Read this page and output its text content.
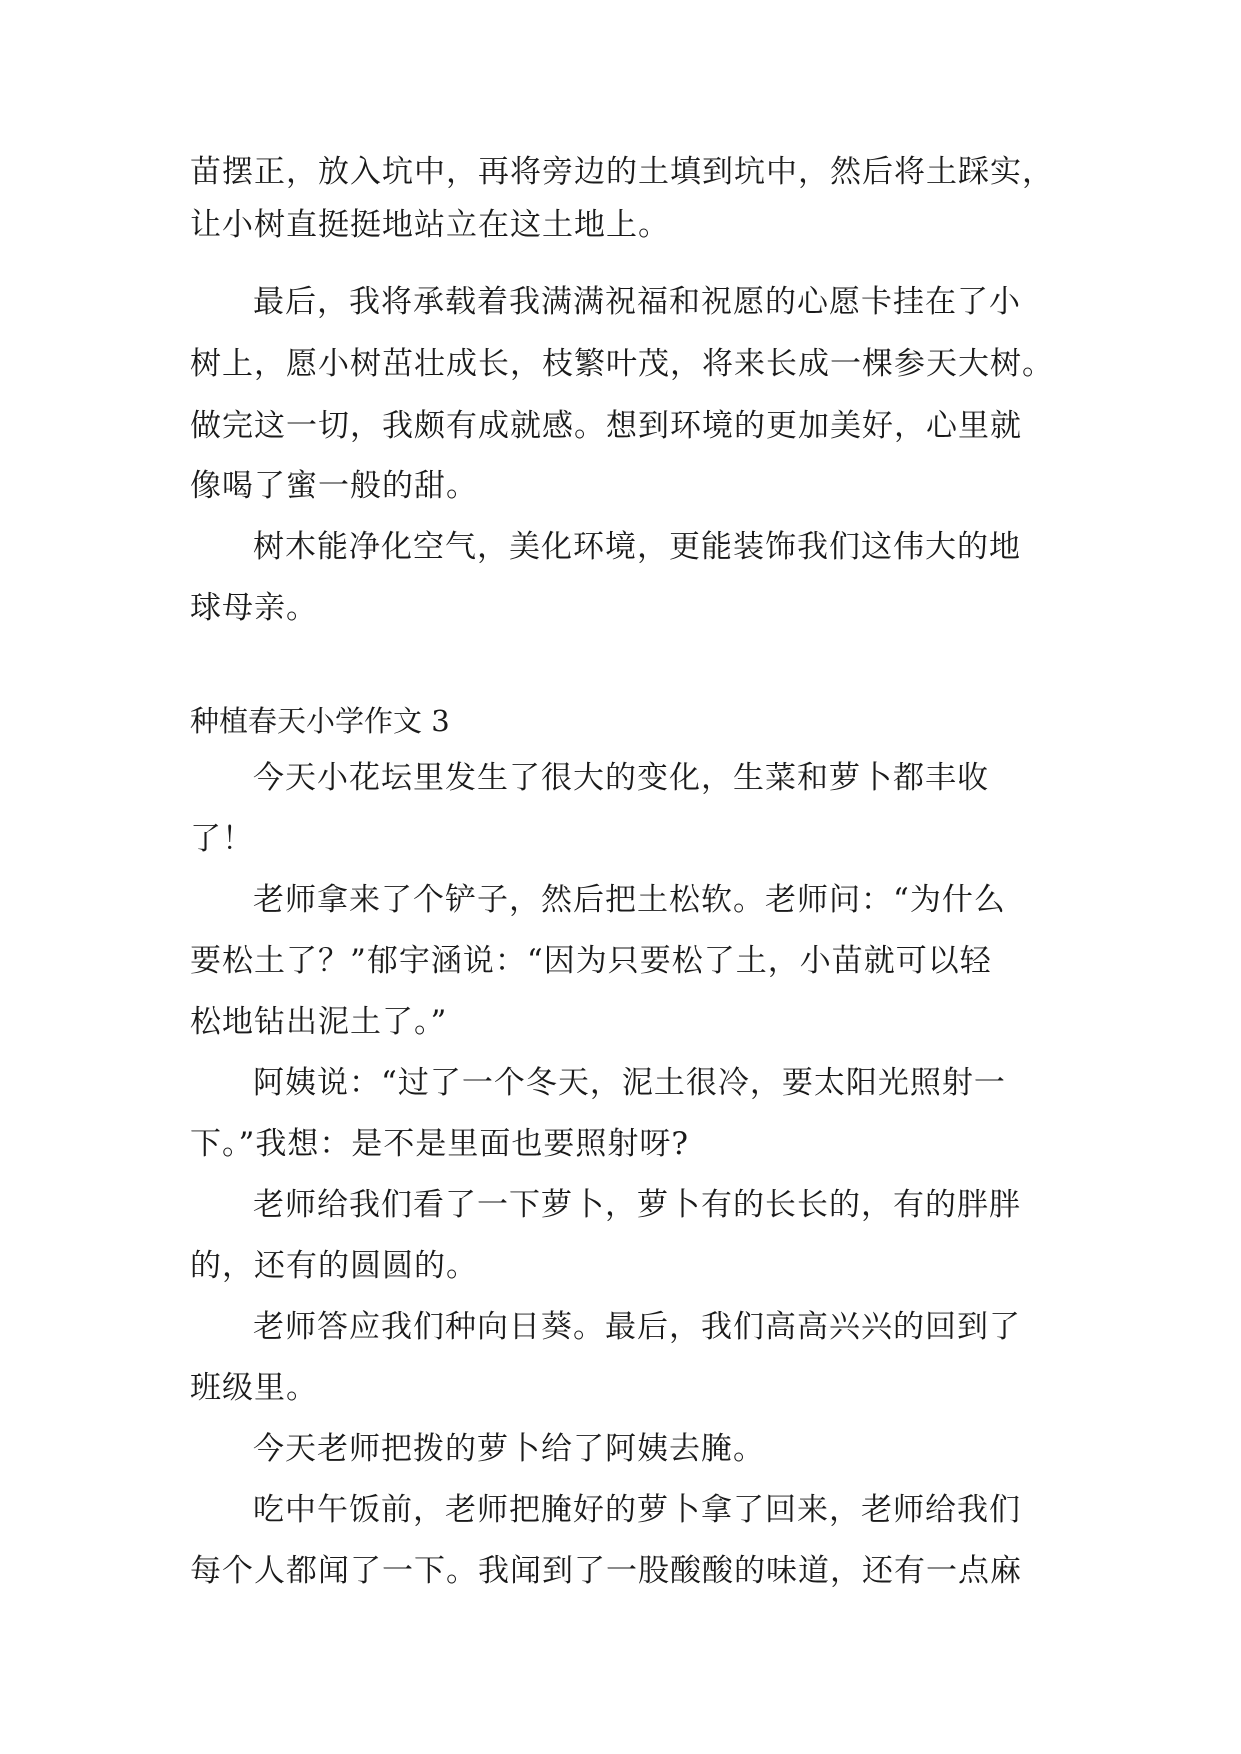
苗摆正，放入坑中，再将旁边的土填到坑中，然后将土踩实，
让小树直挺挺地站立在这土地上。
最后，我将承载着我满满祝福和祝愿的心愿卡挂在了小
树上，愿小树茁壮成长，枝繁叶茂，将来长成一棵参天大树。
做完这一切，我颇有成就感。想到环境的更加美好，心里就
像喝了蜜一般的甜。
树木能净化空气，美化环境，更能装饰我们这伟大的地
球母亲。
种植春天小学作文 3
今天小花坛里发生了很大的变化，生菜和萝卜都丰收
了！
老师拿来了个铲子，然后把土松软。老师问：“为什么
要松土了？”郁宇涵说：“因为只要松了土，小苗就可以轻
松地钻出泥土了。”
阿姨说：“过了一个冬天，泥土很冷，要太阳光照射一
下。”我想：是不是里面也要照射呀?
老师给我们看了一下萝卜，萝卜有的长长的，有的胖胖
的，还有的圆圆的。
老师答应我们种向日葵。最后，我们高高兴兴的回到了
班级里。
今天老师把拨的萝卜给了阿姨去腌。
吃中午饭前，老师把腌好的萝卜拿了回来，老师给我们
每个人都闻了一下。我闻到了一股酸酸的味道，还有一点麻
